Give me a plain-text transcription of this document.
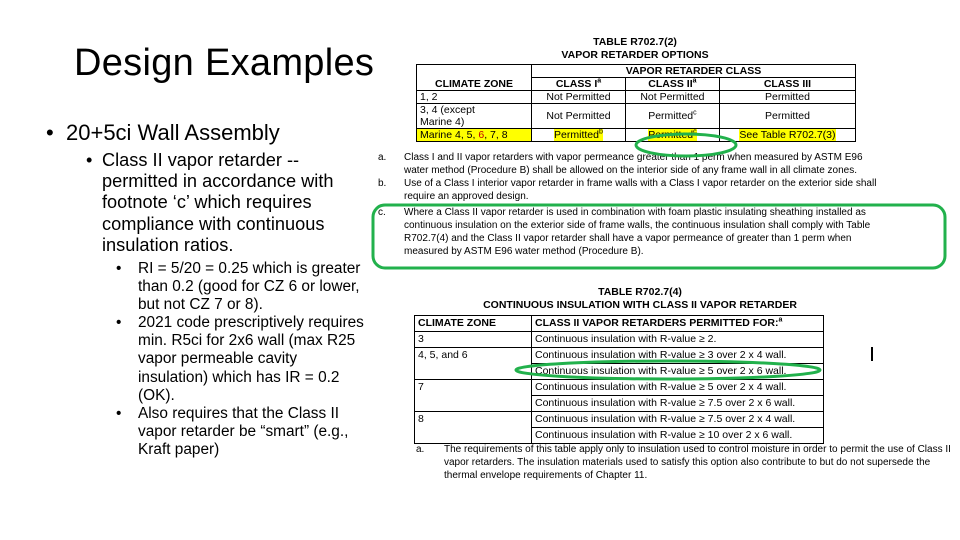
Design Examples
• 20+5ci Wall Assembly
• Class II vapor retarder -- permitted in accordance with footnote ‘c’ which requires compliance with continuous insulation ratios.
• RI = 5/20 = 0.25 which is greater than 0.2 (good for CZ 6 or lower, but not CZ 7 or 8).
• 2021 code prescriptively requires min. R5ci for 2x6 wall (max R25 vapor permeable cavity insulation) which has IR = 0.2 (OK).
• Also requires that the Class II vapor retarder be “smart” (e.g., Kraft paper)
TABLE R702.7(2)
VAPOR RETARDER OPTIONS
CLIMATE ZONE	VAPOR RETARDER CLASS		
	CLASS $I^a$	CLASS $II^a$	CLASS III
1, 2	Not Permitted	Not Permitted	Permitted

3, 4 (except
Marine 4)	Not Permitted	Permitted$^c$	Permitted
Marine 4, 5, 6, 7, 8	Permitted$^b$	Permitted$^c$	See Table R702.7(3)
a. Class I and II vapor retarders with vapor permeance greater than 1 perm when measured by ASTM E96 water method (Procedure B) shall be allowed on the interior side of any frame wall in all climate zones.
b. Use of a Class I interior vapor retarder in frame walls with a Class I vapor retarder on the exterior side shall require an approved design.
c. Where a Class II vapor retarder is used in combination with foam plastic insulating sheathing installed as continuous insulation on the exterior side of frame walls, the continuous insulation shall comply with Table R702.7(4) and the Class II vapor retarder shall have a vapor permeance of greater than 1 perm when measured by ASTM E96 water method (Procedure B).
TABLE R702.7(4)
CONTINUOUS INSULATION WITH CLASS II VAPOR RETARDER
CLIMATE ZONE	CLASS II VAPOR RETARDERS PERMITTED FOR:$^a$
3	Continuous insulation with R-value ≥ 2.
4, 5, and 6	Continuous insulation with R-value ≥ 3 over 2 x 4 wall.
	Continuous insulation with R-value ≥ 5 over 2 x 6 wall.
7	Continuous insulation with R-value ≥ 5 over 2 x 4 wall.
	Continuous insulation with R-value ≥ 7.5 over 2 x 6 wall.
8	Continuous insulation with R-value ≥ 7.5 over 2 x 4 wall.
	Continuous insulation with R-value ≥ 10 over 2 x 6 wall.
a. The requirements of this table apply only to insulation used to control moisture in order to permit the use of Class II vapor retarders. The insulation materials used to satisfy this option also contribute to but do not supersede the thermal envelope requirements of Chapter 11.
